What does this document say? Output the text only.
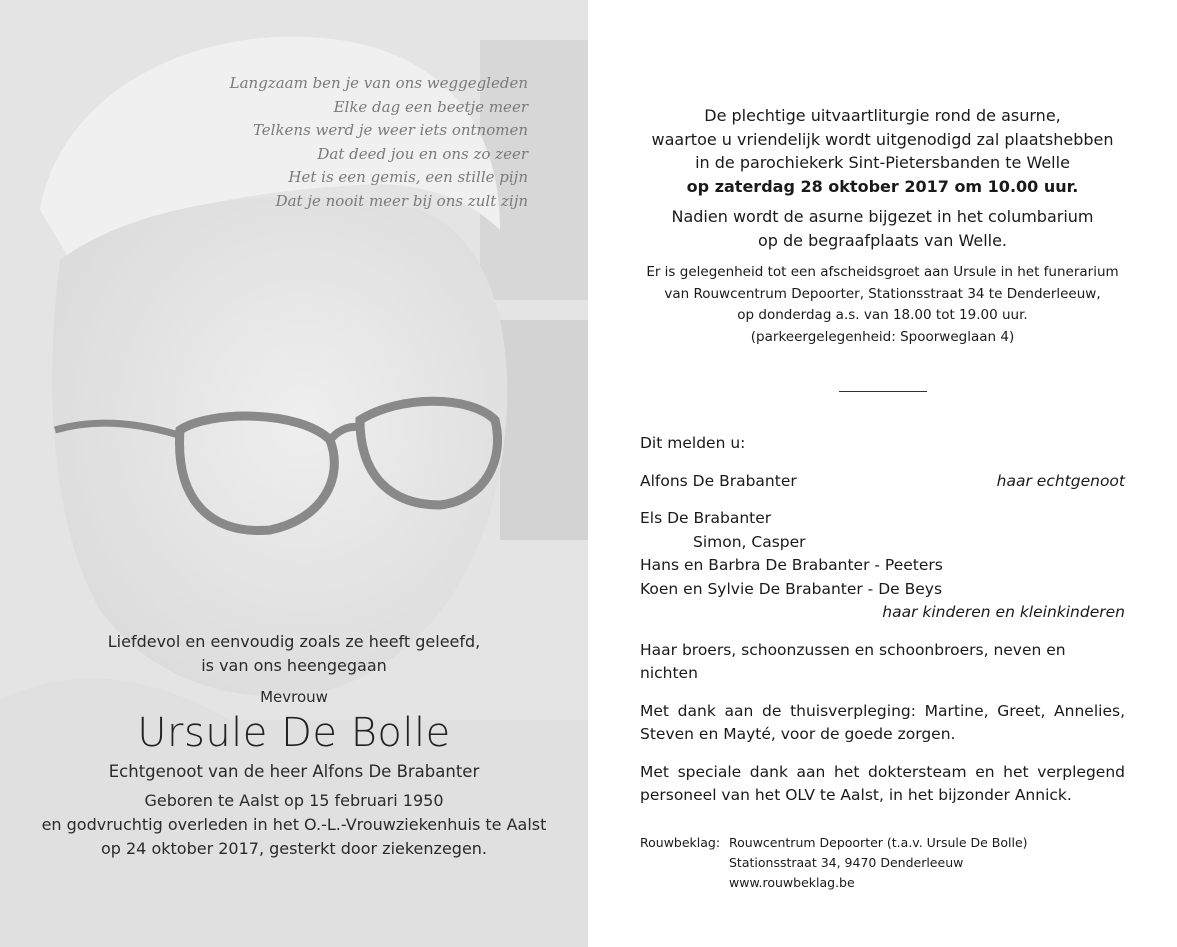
Langzaam ben je van ons weggegleden
Elke dag een beetje meer
Telkens werd je weer iets ontnomen
Dat deed jou en ons zo zeer
Het is een gemis, een stille pijn
Dat je nooit meer bij ons zult zijn
Liefdevol en eenvoudig zoals ze heeft geleefd,
is van ons heengegaan
Mevrouw
Ursule De Bolle
Echtgenoot van de heer Alfons De Brabanter
Geboren te Aalst op 15 februari 1950
en godvruchtig overleden in het O.-L.-Vrouwziekenhuis te Aalst
op 24 oktober 2017, gesterkt door ziekenzegen.
De plechtige uitvaartliturgie rond de asurne,
waartoe u vriendelijk wordt uitgenodigd zal plaatshebben
in de parochiekerk Sint-Pietersbanden te Welle
op zaterdag 28 oktober 2017 om 10.00 uur.
Nadien wordt de asurne bijgezet in het columbarium
op de begraafplaats van Welle.
Er is gelegenheid tot een afscheidsgroet aan Ursule in het funerarium
van Rouwcentrum Depoorter, Stationsstraat 34 te Denderleeuw,
op donderdag a.s. van 18.00 tot 19.00 uur.
(parkeergelegenheid: Spoorweglaan 4)
Dit melden u:
Alfons De Brabanter	haar echtgenoot
Els De Brabanter
Simon, Casper
Hans en Barbra De Brabanter - Peeters
Koen en Sylvie De Brabanter - De Beys
haar kinderen en kleinkinderen
Haar broers, schoonzussen en schoonbroers, neven en nichten
Met dank aan de thuisverpleging: Martine, Greet, Annelies, Steven en Mayté, voor de goede zorgen.
Met speciale dank aan het doktersteam en het verplegend personeel van het OLV te Aalst, in het bijzonder Annick.
Rouwbeklag: Rouwcentrum Depoorter (t.a.v. Ursule De Bolle)
Stationsstraat 34, 9470 Denderleeuw
www.rouwbeklag.be
